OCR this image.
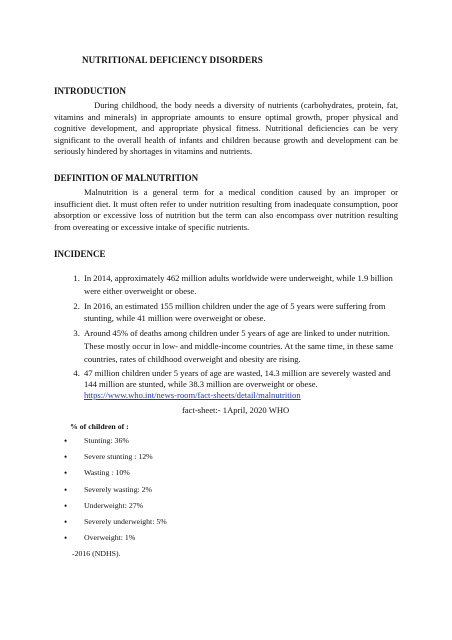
NUTRITIONAL DEFICIENCY DISORDERS
INTRODUCTION

During childhood, the body needs a diversity of nutrients (carbohydrates, protein, fat, vitamins and minerals) in appropriate amounts to ensure optimal growth, proper physical and cognitive development, and appropriate physical fitness. Nutritional deficiencies can be very significant to the overall health of infants and children because growth and development can be seriously hindered by shortages in vitamins and nutrients.

DEFINITION OF MALNUTRITION

Malnutrition is a general term for a medical condition caused by an improper or insufficient diet. It must often refer to under nutrition resulting from inadequate consumption, poor absorption or excessive loss of nutrition but the term can also encompass over nutrition resulting from overeating or excessive intake of specific nutrients.

INCIDENCE
1. In 2014, approximately 462 million adults worldwide were underweight, while 1.9 billion were either overweight or obese.
2. In 2016, an estimated 155 million children under the age of 5 years were suffering from stunting, while 41 million were overweight or obese.
3. Around 45% of deaths among children under 5 years of age are linked to under nutrition. These mostly occur in low- and middle-income countries. At the same time, in these same countries, rates of childhood overweight and obesity are rising.
4. 47 million children under 5 years of age are wasted, 14.3 million are severely wasted and 144 million are stunted, while 38.3 million are overweight or obese.
https://www.who.int/news-room/fact-sheets/detail/malnutrition
fact-sheet:- 1April, 2020 WHO
% of children of :
• Stunting: 36%
• Severe stunting : 12%
• Wasting : 10%
• Severely wasting: 2%
• Underweight: 27%
• Severely underweight: 5%
• Overweight: 1%
-2016 (NDHS).
